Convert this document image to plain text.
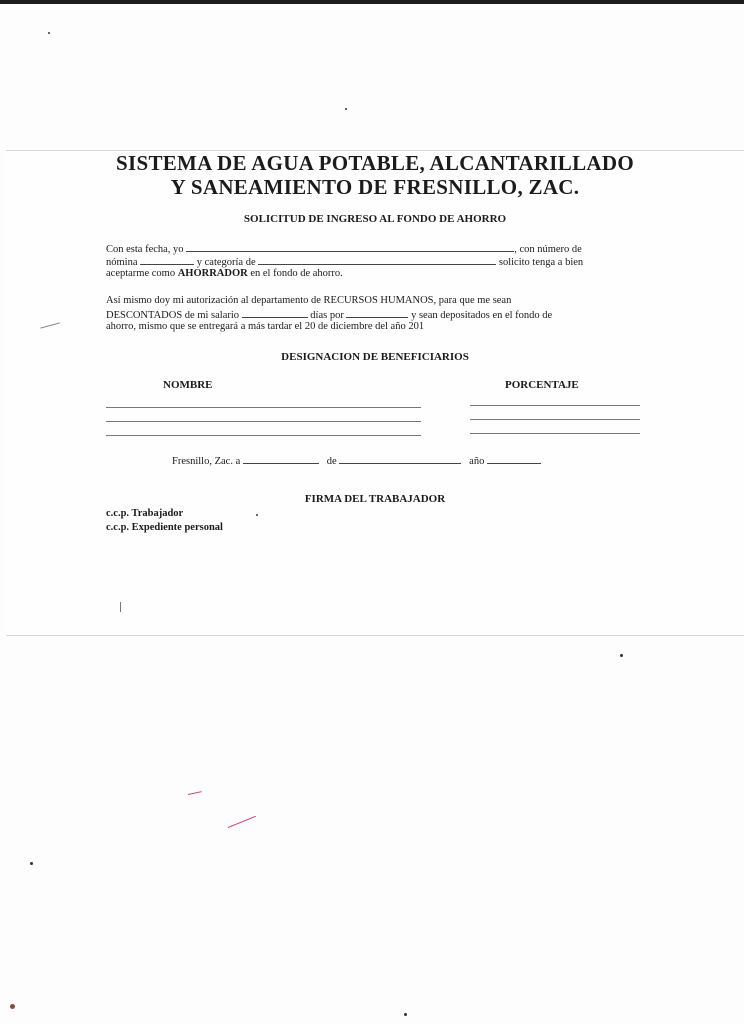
SISTEMA DE AGUA POTABLE, ALCANTARILLADO
Y SANEAMIENTO DE FRESNILLO, ZAC.
SOLICITUD DE INGRESO AL FONDO DE AHORRO
Con esta fecha, yo	, con número de
nómina	y categoría de	solicito tenga a bien
aceptarme como AHORRADOR en el fondo de ahorro.
Así mismo doy mi autorización al departamento de RECURSOS HUMANOS, para que me sean
DESCONTADOS de mi salario	días por	y sean depositados en el fondo de
ahorro, mismo que se entregará a más tardar el 20 de diciembre del año 201
DESIGNACION DE BENEFICIARIOS
NOMBRE	PORCENTAJE
Fresnillo, Zac. a	de	año
FIRMA DEL TRABAJADOR
c.c.p. Trabajador
c.c.p. Expediente personal
